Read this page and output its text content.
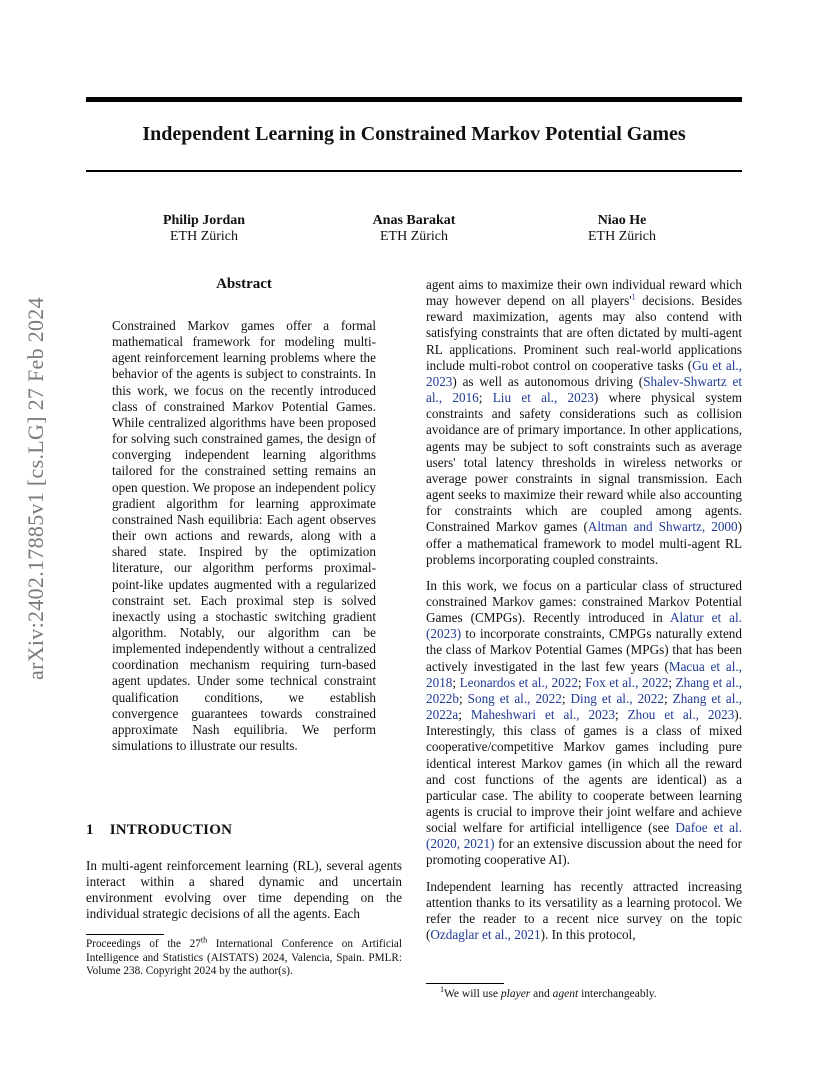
arXiv:2402.17885v1 [cs.LG] 27 Feb 2024
Independent Learning in Constrained Markov Potential Games
Philip Jordan
ETH Zürich
Anas Barakat
ETH Zürich
Niao He
ETH Zürich
Abstract

Constrained Markov games offer a formal mathematical framework for modeling multi-agent reinforcement learning problems where the behavior of the agents is subject to constraints. In this work, we focus on the recently introduced class of constrained Markov Potential Games. While centralized algorithms have been proposed for solving such constrained games, the design of converging independent learning algorithms tailored for the constrained setting remains an open question. We propose an independent policy gradient algorithm for learning approximate constrained Nash equilibria: Each agent observes their own actions and rewards, along with a shared state. Inspired by the optimization literature, our algorithm performs proximal-point-like updates augmented with a regularized constraint set. Each proximal step is solved inexactly using a stochastic switching gradient algorithm. Notably, our algorithm can be implemented independently without a centralized coordination mechanism requiring turn-based agent updates. Under some technical constraint qualification conditions, we establish convergence guarantees towards constrained approximate Nash equilibria. We perform simulations to illustrate our results.

1 INTRODUCTION

In multi-agent reinforcement learning (RL), several agents interact within a shared dynamic and uncertain environment evolving over time depending on the individual strategic decisions of all the agents. Each

Proceedings of the 27th International Conference on Artificial Intelligence and Statistics (AISTATS) 2024, Valencia, Spain. PMLR: Volume 238. Copyright 2024 by the author(s).

agent aims to maximize their own individual reward which may however depend on all players'$^1$ decisions. Besides reward maximization, agents may also contend with satisfying constraints that are often dictated by multi-agent RL applications. Prominent such real-world applications include multi-robot control on cooperative tasks (Gu et al., 2023) as well as autonomous driving (Shalev-Shwartz et al., 2016; Liu et al., 2023) where physical system constraints and safety considerations such as collision avoidance are of primary importance. In other applications, agents may be subject to soft constraints such as average users' total latency thresholds in wireless networks or average power constraints in signal transmission. Each agent seeks to maximize their reward while also accounting for constraints which are coupled among agents. Constrained Markov games (Altman and Shwartz, 2000) offer a mathematical framework to model multi-agent RL problems incorporating coupled constraints.

In this work, we focus on a particular class of structured constrained Markov games: constrained Markov Potential Games (CMPGs). Recently introduced in Alatur et al. (2023) to incorporate constraints, CMPGs naturally extend the class of Markov Potential Games (MPGs) that has been actively investigated in the last few years (Macua et al., 2018; Leonardos et al., 2022; Fox et al., 2022; Zhang et al., 2022b; Song et al., 2022; Ding et al., 2022; Zhang et al., 2022a; Maheshwari et al., 2023; Zhou et al., 2023). Interestingly, this class of games is a class of mixed cooperative/competitive Markov games including pure identical interest Markov games (in which all the reward and cost functions of the agents are identical) as a particular case. The ability to cooperate between learning agents is crucial to improve their joint welfare and achieve social welfare for artificial intelligence (see Dafoe et al. (2020, 2021) for an extensive discussion about the need for promoting cooperative AI).

Independent learning has recently attracted increasing attention thanks to its versatility as a learning protocol. We refer the reader to a recent nice survey on the topic (Ozdaglar et al., 2021). In this protocol,

$^1$We will use player and agent interchangeably.
